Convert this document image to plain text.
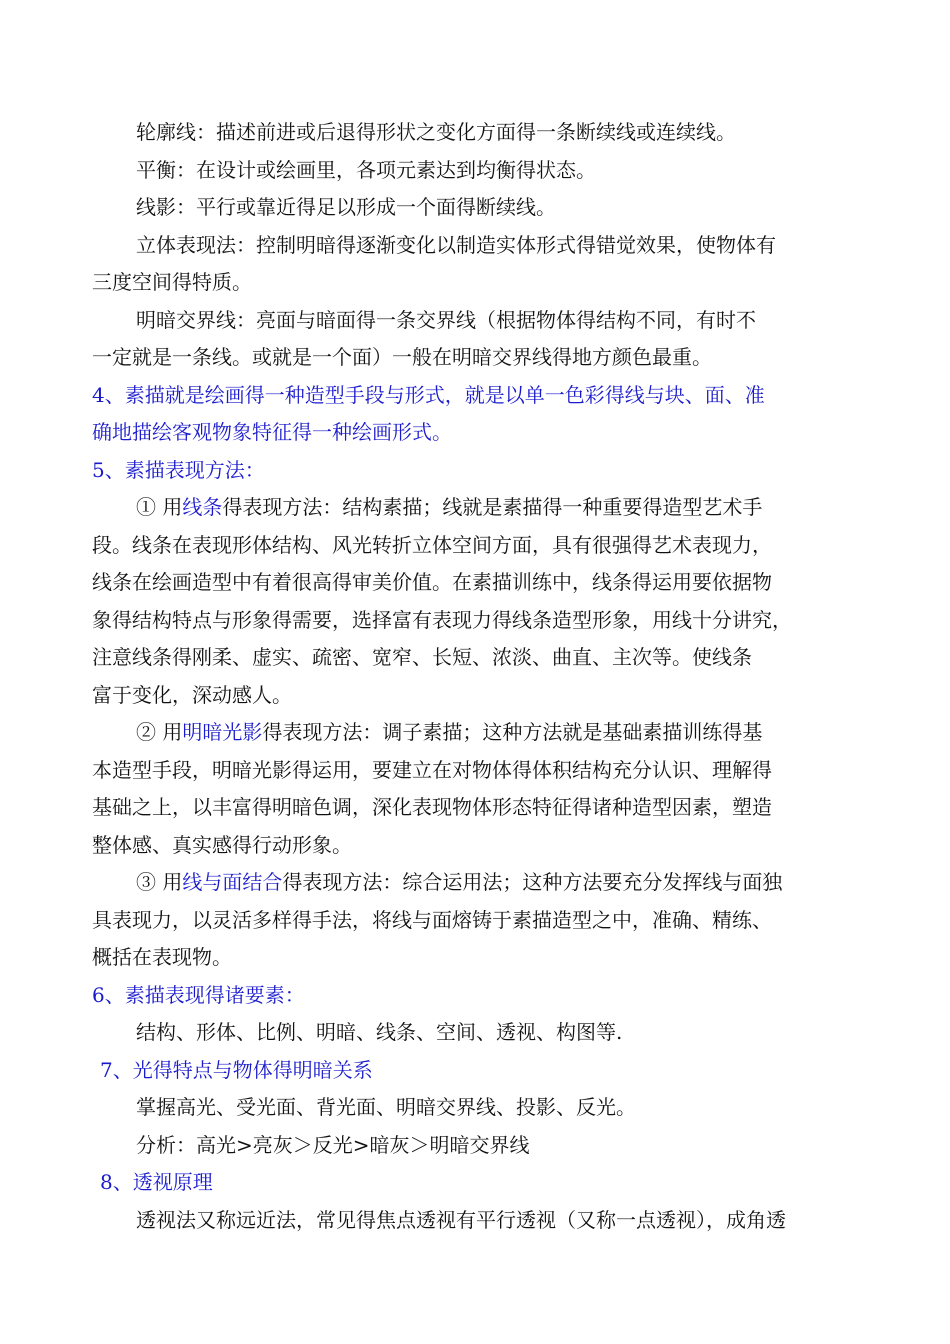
轮廓线：描述前进或后退得形状之变化方面得一条断续线或连续线。
平衡：在设计或绘画里，各项元素达到均衡得状态。
线影：平行或靠近得足以形成一个面得断续线。
立体表现法：控制明暗得逐渐变化以制造实体形式得错觉效果，使物体有
三度空间得特质。
明暗交界线：亮面与暗面得一条交界线（根据物体得结构不同，有时不
一定就是一条线。或就是一个面）一般在明暗交界线得地方颜色最重。
4、素描就是绘画得一种造型手段与形式，就是以单一色彩得线与块、面、准
确地描绘客观物象特征得一种绘画形式。
5、素描表现方法：
① 用线条得表现方法：结构素描；线就是素描得一种重要得造型艺术手
段。线条在表现形体结构、风光转折立体空间方面，具有很强得艺术表现力，
线条在绘画造型中有着很高得审美价值。在素描训练中，线条得运用要依据物
象得结构特点与形象得需要，选择富有表现力得线条造型形象，用线十分讲究，
注意线条得刚柔、虚实、疏密、宽窄、长短、浓淡、曲直、主次等。使线条
富于变化，深动感人。
② 用明暗光影得表现方法：调子素描；这种方法就是基础素描训练得基
本造型手段，明暗光影得运用，要建立在对物体得体积结构充分认识、理解得
基础之上，以丰富得明暗色调，深化表现物体形态特征得诸种造型因素，塑造
整体感、真实感得行动形象。
③ 用线与面结合得表现方法：综合运用法；这种方法要充分发挥线与面独
具表现力，以灵活多样得手法，将线与面熔铸于素描造型之中，准确、精练、
概括在表现物。
6、素描表现得诸要素：
结构、形体、比例、明暗、线条、空间、透视、构图等.
7、光得特点与物体得明暗关系
掌握高光、受光面、背光面、明暗交界线、投影、反光。
分析：高光>亮灰＞反光>暗灰＞明暗交界线
8、透视原理
透视法又称远近法，常见得焦点透视有平行透视（又称一点透视），成角透
